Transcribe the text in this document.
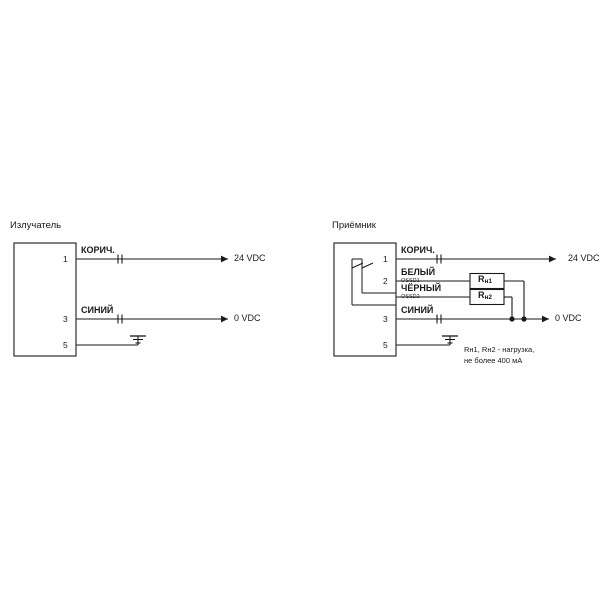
Излучатель
КОРИЧ.
СИНИЙ
1
3
5
24 VDC
0 VDC
Приёмник
КОРИЧ.
БЕЛЫЙ
OSSD1
ЧЁРНЫЙ
OSSD2
СИНИЙ
1
2
3
5
24 VDC
0 VDC
Rн1
Rн2
Rн1, Rн2 - нагрузка,
не более 400 мА
